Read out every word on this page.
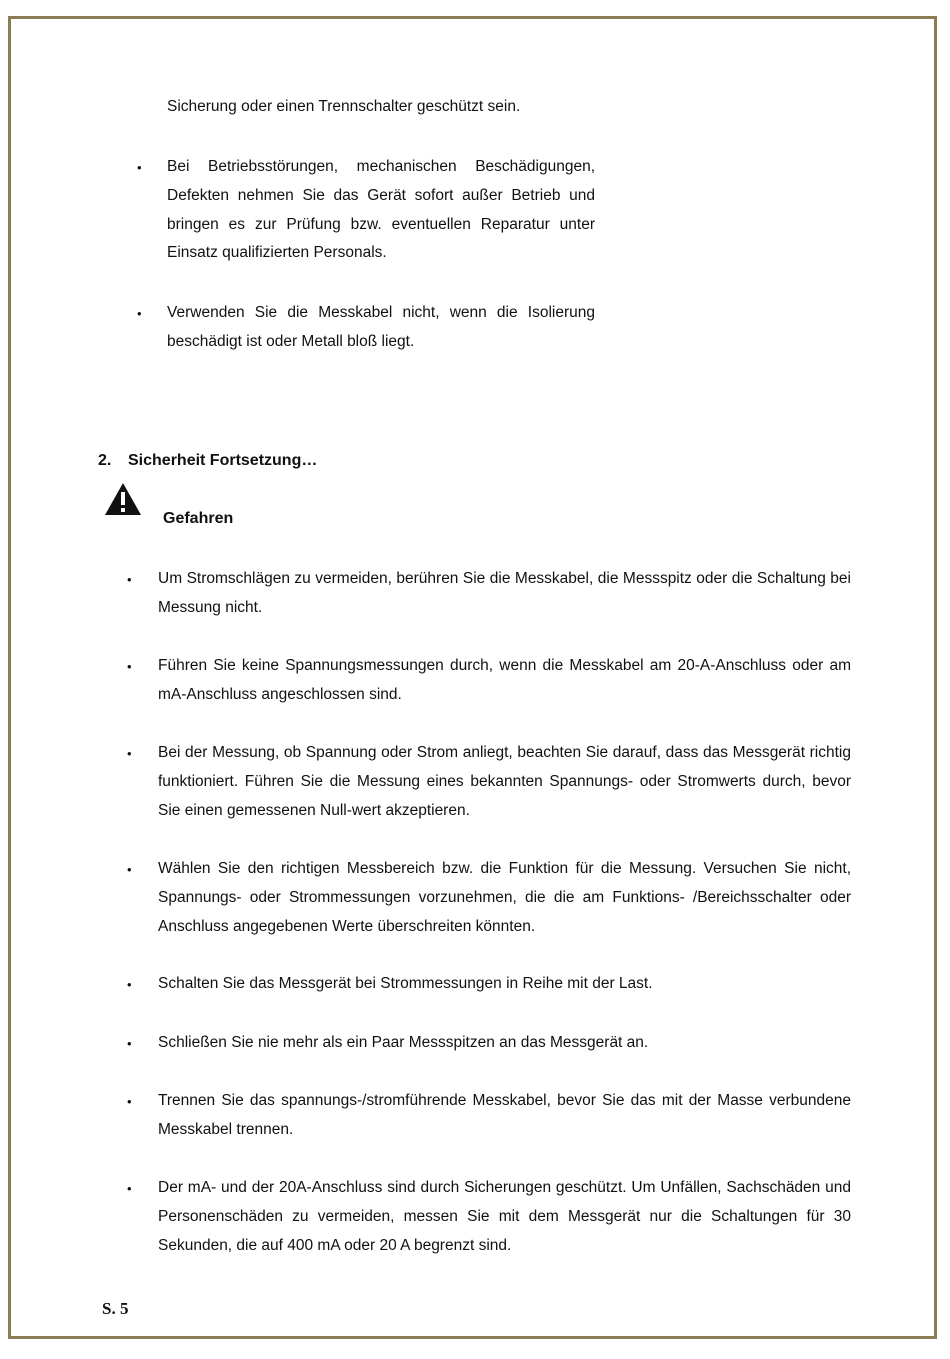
Sicherung oder einen Trennschalter geschützt sein.

• Bei Betriebsstörungen, mechanischen Beschädigungen, Defekten nehmen Sie das Gerät sofort außer Betrieb und bringen es zur Prüfung bzw. eventuellen Reparatur unter Einsatz qualifizierten Personals.

• Verwenden Sie die Messkabel nicht, wenn die Isolierung beschädigt ist oder Metall bloß liegt.

2. Sicherheit Fortsetzung…
Gefahren
• Um Stromschlägen zu vermeiden, berühren Sie die Messkabel, die Messspitz oder die Schaltung bei Messung nicht.

• Führen Sie keine Spannungsmessungen durch, wenn die Messkabel am 20-A-Anschluss oder am mA-Anschluss angeschlossen sind.

• Bei der Messung, ob Spannung oder Strom anliegt, beachten Sie darauf, dass das Messgerät richtig funktioniert. Führen Sie die Messung eines bekannten Spannungs- oder Stromwerts durch, bevor Sie einen gemessenen Null-wert akzeptieren.

• Wählen Sie den richtigen Messbereich bzw. die Funktion für die Messung. Versuchen Sie nicht, Spannungs- oder Strommessungen vorzunehmen, die die am Funktions- /Bereichsschalter oder Anschluss angegebenen Werte überschreiten könnten.

• Schalten Sie das Messgerät bei Strommessungen in Reihe mit der Last.

• Schließen Sie nie mehr als ein Paar Messspitzen an das Messgerät an.

• Trennen Sie das spannungs-/stromführende Messkabel, bevor Sie das mit der Masse verbundene Messkabel trennen.

• Der mA- und der 20A-Anschluss sind durch Sicherungen geschützt. Um Unfällen, Sachschäden und Personenschäden zu vermeiden, messen Sie mit dem Messgerät nur die Schaltungen für 30 Sekunden, die auf 400 mA oder 20 A begrenzt sind.

S. 5
